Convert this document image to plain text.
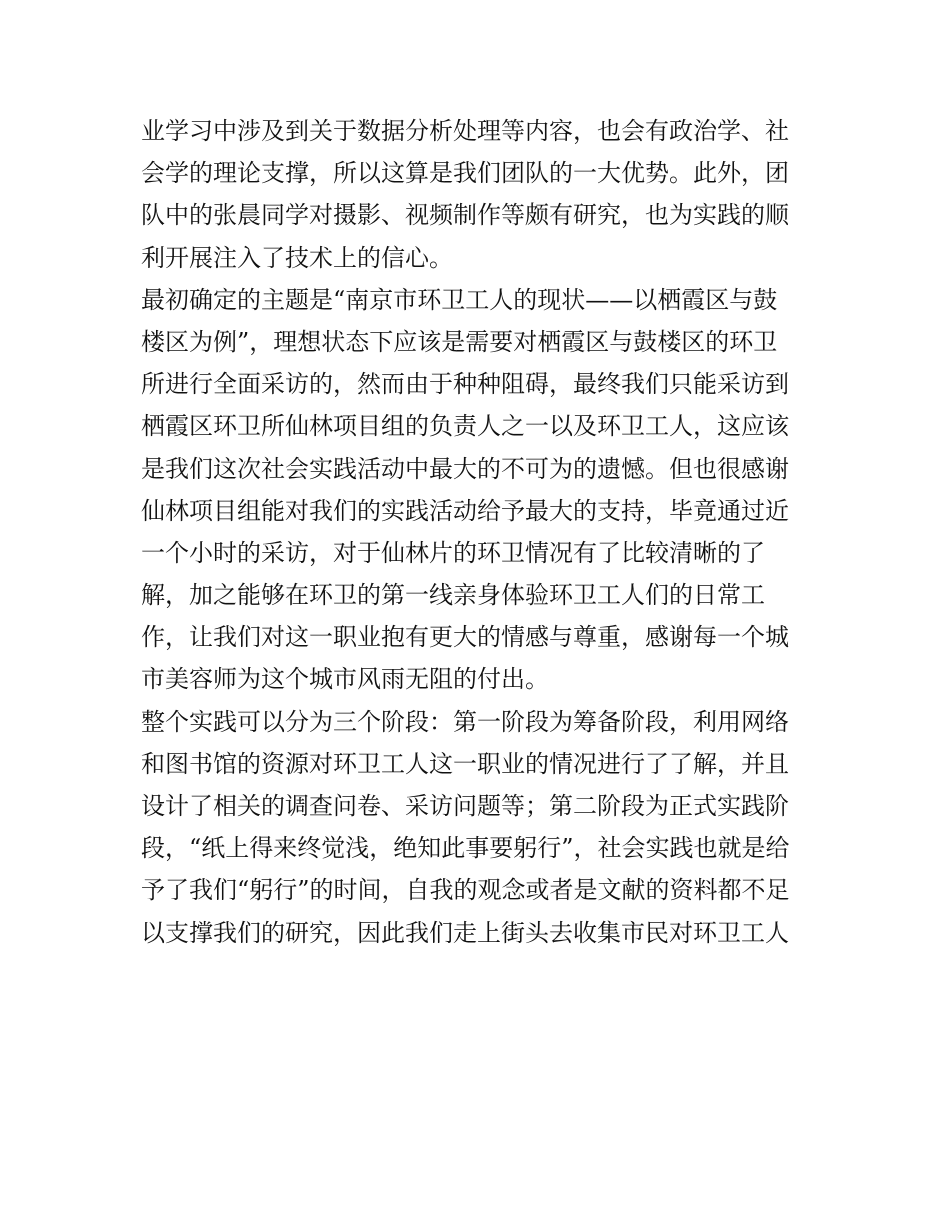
业学习中涉及到关于数据分析处理等内容，也会有政治学、社
会学的理论支撑，所以这算是我们团队的一大优势。此外，团
队中的张晨同学对摄影、视频制作等颇有研究，也为实践的顺
利开展注入了技术上的信心。
最初确定的主题是“南京市环卫工人的现状——以栖霞区与鼓
楼区为例”，理想状态下应该是需要对栖霞区与鼓楼区的环卫
所进行全面采访的，然而由于种种阻碍，最终我们只能采访到
栖霞区环卫所仙林项目组的负责人之一以及环卫工人，这应该
是我们这次社会实践活动中最大的不可为的遗憾。但也很感谢
仙林项目组能对我们的实践活动给予最大的支持，毕竟通过近
一个小时的采访，对于仙林片的环卫情况有了比较清晰的了
解，加之能够在环卫的第一线亲身体验环卫工人们的日常工
作，让我们对这一职业抱有更大的情感与尊重，感谢每一个城
市美容师为这个城市风雨无阻的付出。
整个实践可以分为三个阶段：第一阶段为筹备阶段，利用网络
和图书馆的资源对环卫工人这一职业的情况进行了了解，并且
设计了相关的调查问卷、采访问题等；第二阶段为正式实践阶
段，“纸上得来终觉浅，绝知此事要躬行”，社会实践也就是给
予了我们“躬行”的时间，自我的观念或者是文献的资料都不足
以支撑我们的研究，因此我们走上街头去收集市民对环卫工人
